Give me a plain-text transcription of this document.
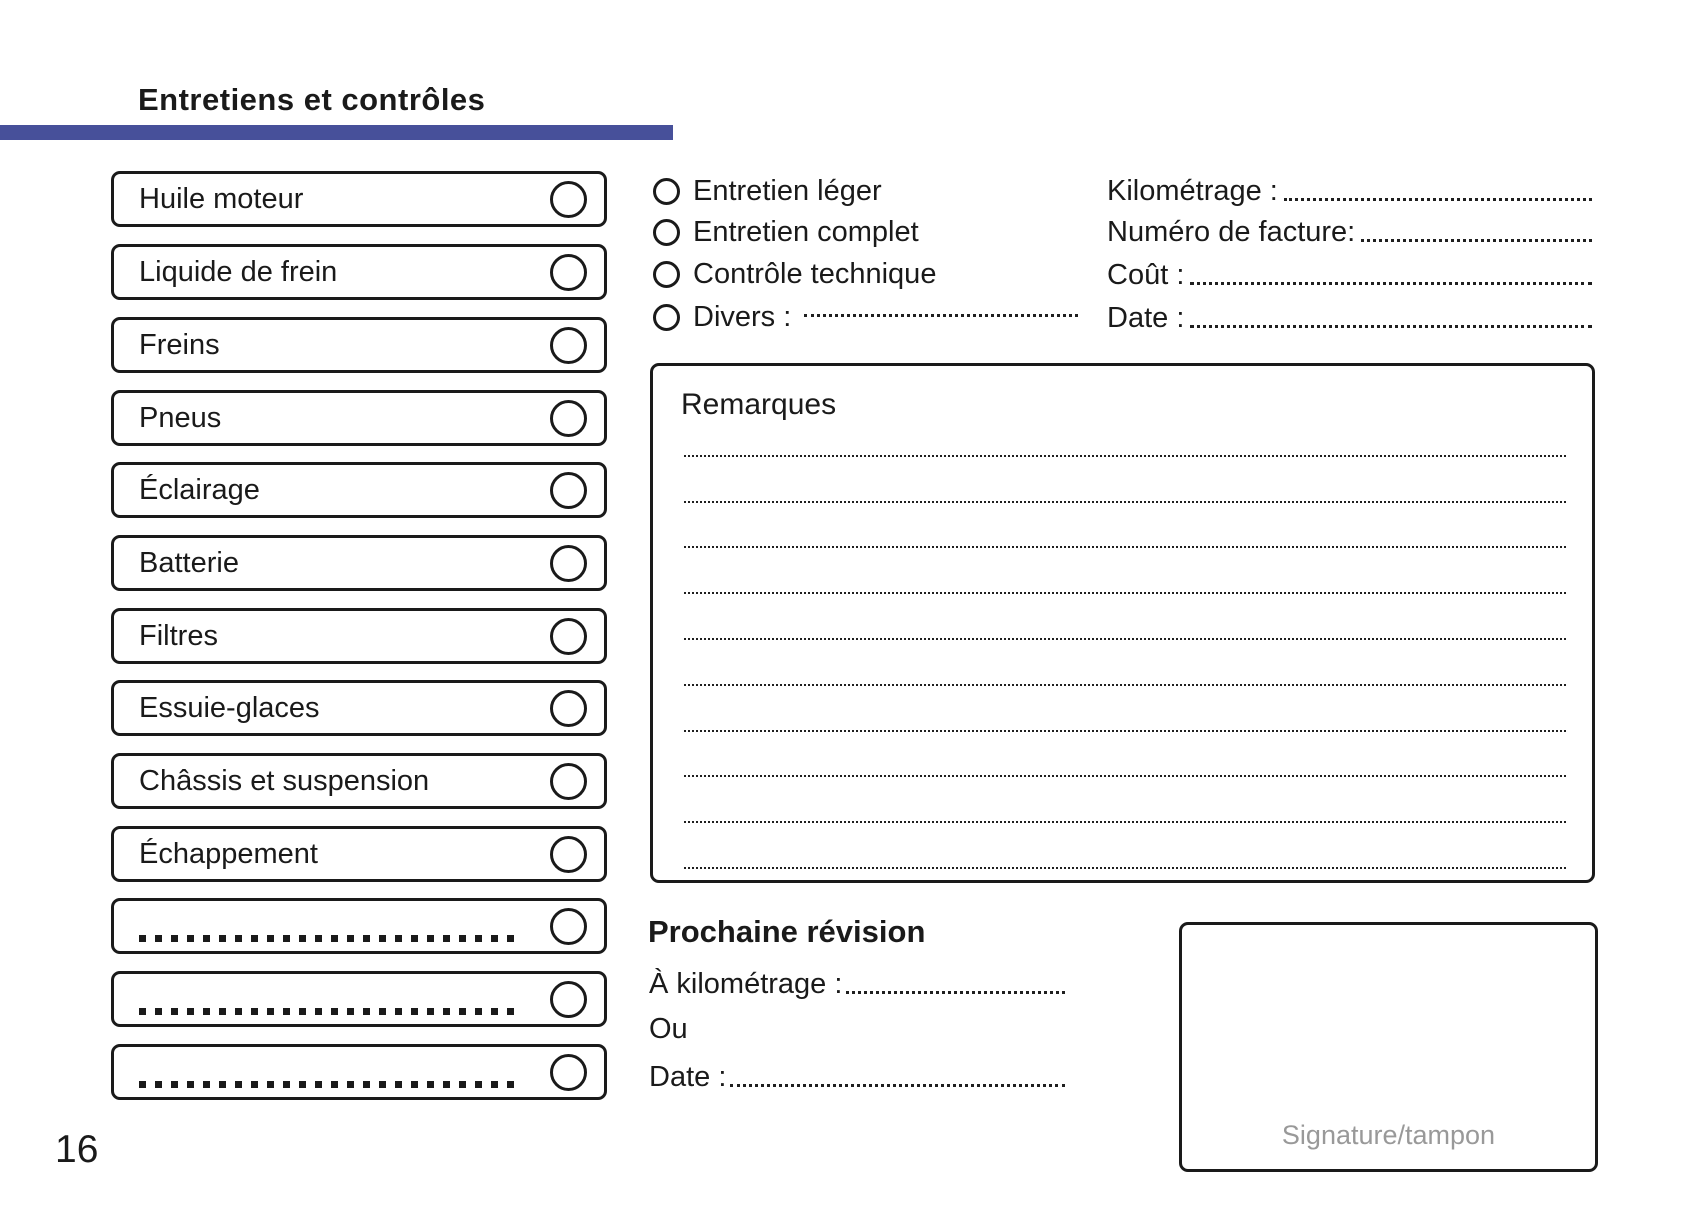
Entretiens et contrôles
Huile moteur
Liquide de frein
Freins
Pneus
Éclairage
Batterie
Filtres
Essuie-glaces
Châssis et suspension
Échappement
Entretien léger
Entretien complet
Contrôle technique
Divers :
Kilométrage :
Numéro de facture:
Coût :
Date :
Remarques
Prochaine révision
À kilométrage :
Ou
Date :
Signature/tampon
16
